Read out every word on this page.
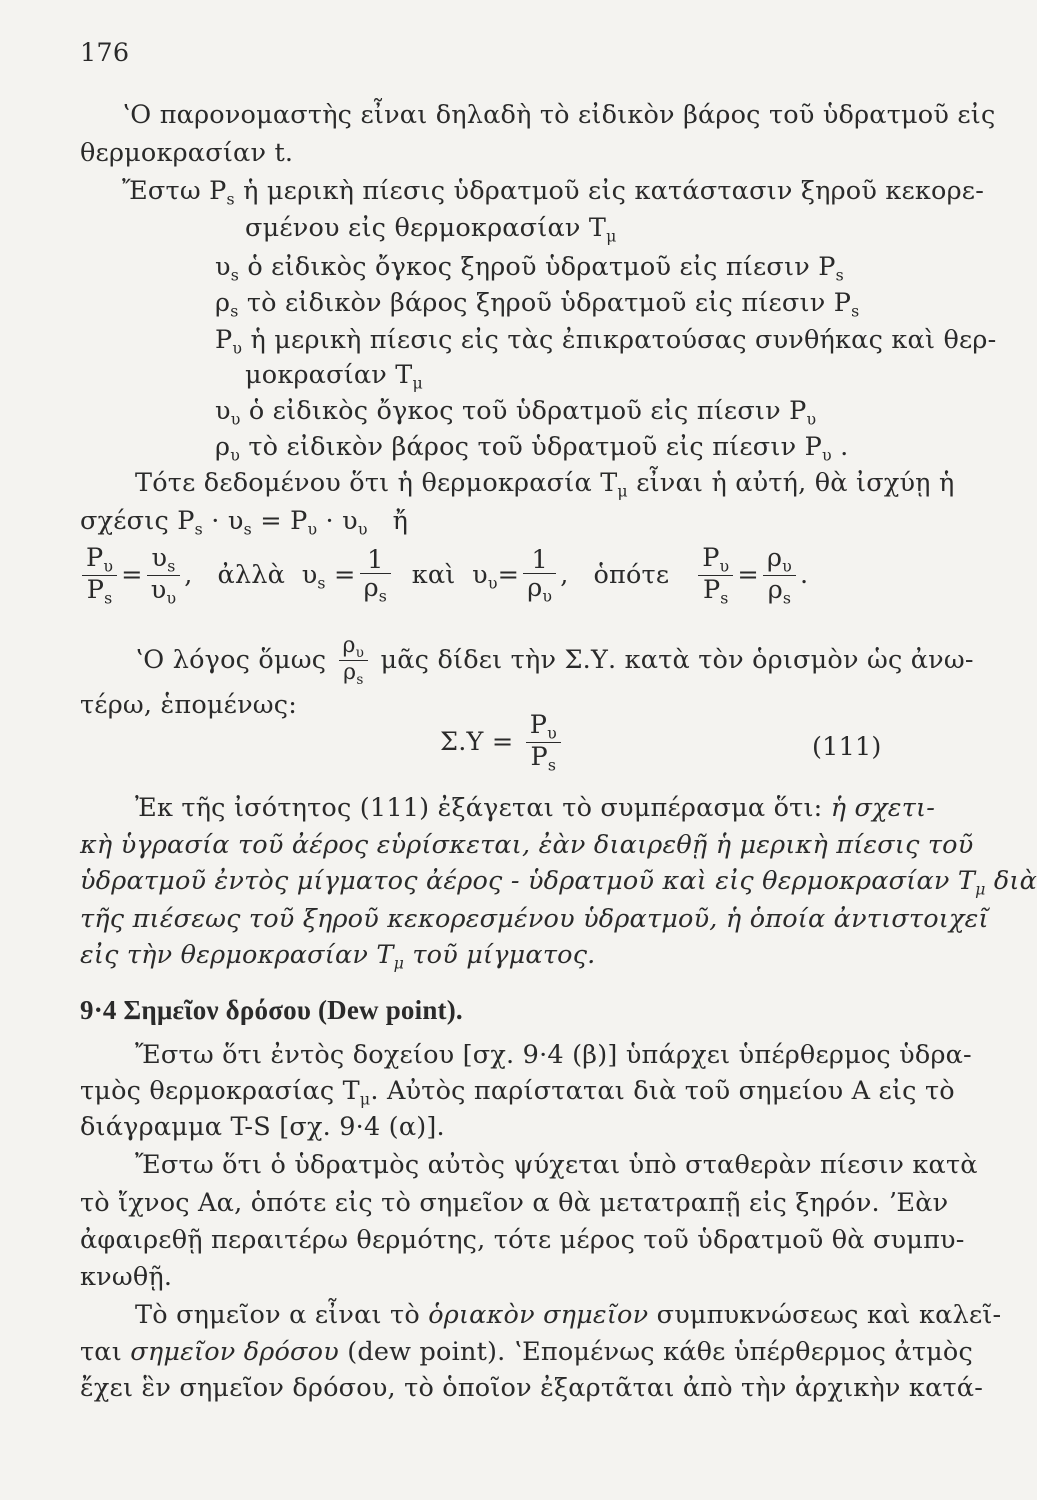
176
ʽΟ παρονομαστὴς εἶναι δηλαδὴ τὸ εἰδικὸν βάρος τοῦ ὑδρατμοῦ εἰς
θερμοκρασίαν t.
Ἔστω $P_s$ ἡ μερικὴ πίεσις ὑδρατμοῦ εἰς κατάστασιν ξηροῦ κεκορε-
σμένου εἰς θερμοκρασίαν $T_\mu$
$\upsilon_s$ ὁ εἰδικὸς ὄγκος ξηροῦ ὑδρατμοῦ εἰς πίεσιν $P_s$
$\rho_s$ τὸ εἰδικὸν βάρος ξηροῦ ὑδρατμοῦ εἰς πίεσιν $P_s$
$P_\upsilon$ ἡ μερικὴ πίεσις εἰς τὰς ἐπικρατούσας συνθήκας καὶ θερ-
μοκρασίαν $T_\mu$
$\upsilon_\upsilon$ ὁ εἰδικὸς ὄγκος τοῦ ὑδρατμοῦ εἰς πίεσιν $P_\upsilon$
$\rho_\upsilon$ τὸ εἰδικὸν βάρος τοῦ ὑδρατμοῦ εἰς πίεσιν $P_\upsilon$ .
Τότε δεδομένου ὅτι ἡ θερμοκρασία $T_\mu$ εἶναι ἡ αὐτή, θὰ ἰσχύῃ ἡ
σχέσις $P_s \cdot \upsilon_s = P_\upsilon \cdot \upsilon_\upsilon$ ἤ
$\frac{P_\upsilon}{P_s} = \frac{\upsilon_s}{\upsilon_\upsilon}$ ,   ἀλλὰ  $\upsilon_s = \frac{1}{\rho_s}$ καὶ  $\upsilon_\upsilon= \frac{1}{\rho_\upsilon}$ ,   ὁπότε $\frac{P_\upsilon}{P_s} = \frac{\rho_\upsilon}{\rho_s}$ .
ʽΟ λόγος ὅμως $\frac{\rho_\upsilon}{\rho_s}$ μᾶς δίδει τὴν Σ.Υ. κατὰ τὸν ὁρισμὸν ὡς ἀνω-
τέρω, ἑπομένως:
$\Sigma.\Upsilon = \frac{P_\upsilon}{P_s}$	(111)
Ἐκ τῆς ἰσότητος (111) ἐξάγεται τὸ συμπέρασμα ὅτι: ἡ σχετι-
κὴ ὑγρασία τοῦ ἀέρος εὑρίσκεται, ἐὰν διαιρεθῇ ἡ μερικὴ πίεσις τοῦ
ὑδρατμοῦ ἐντὸς μίγματος ἀέρος - ὑδρατμοῦ καὶ εἰς θερμοκρασίαν $T_\mu$ διὰ
τῆς πιέσεως τοῦ ξηροῦ κεκορεσμένου ὑδρατμοῦ, ἡ ὁποία ἀντιστοιχεῖ
εἰς τὴν θερμοκρασίαν $T_\mu$ τοῦ μίγματος.
9·4 Σημεῖον δρόσου (Dew point).
Ἔστω ὅτι ἐντὸς δοχείου [σχ. 9·4 (β)] ὑπάρχει ὑπέρθερμος ὑδρα-
τμὸς θερμοκρασίας $T_\mu$. Αὐτὸς παρίσταται διὰ τοῦ σημείου A εἰς τὸ
διάγραμμα T-S [σχ. 9·4 (α)].
Ἔστω ὅτι ὁ ὑδρατμὸς αὐτὸς ψύχεται ὑπὸ σταθερὰν πίεσιν κατὰ
τὸ ἴχνος Aα, ὁπότε εἰς τὸ σημεῖον α θὰ μετατραπῇ εἰς ξηρόν. ʼΕὰν
ἀφαιρεθῇ περαιτέρω θερμότης, τότε μέρος τοῦ ὑδρατμοῦ θὰ συμπυ-
κνωθῇ.
Τὸ σημεῖον α εἶναι τὸ ὁριακὸν σημεῖον συμπυκνώσεως καὶ καλεῖ-
ται σημεῖον δρόσου (dew point). ʽΕπομένως κάθε ὑπέρθερμος ἀτμὸς
ἔχει ἓν σημεῖον δρόσου, τὸ ὁποῖον ἐξαρτᾶται ἀπὸ τὴν ἀρχικὴν κατά-
